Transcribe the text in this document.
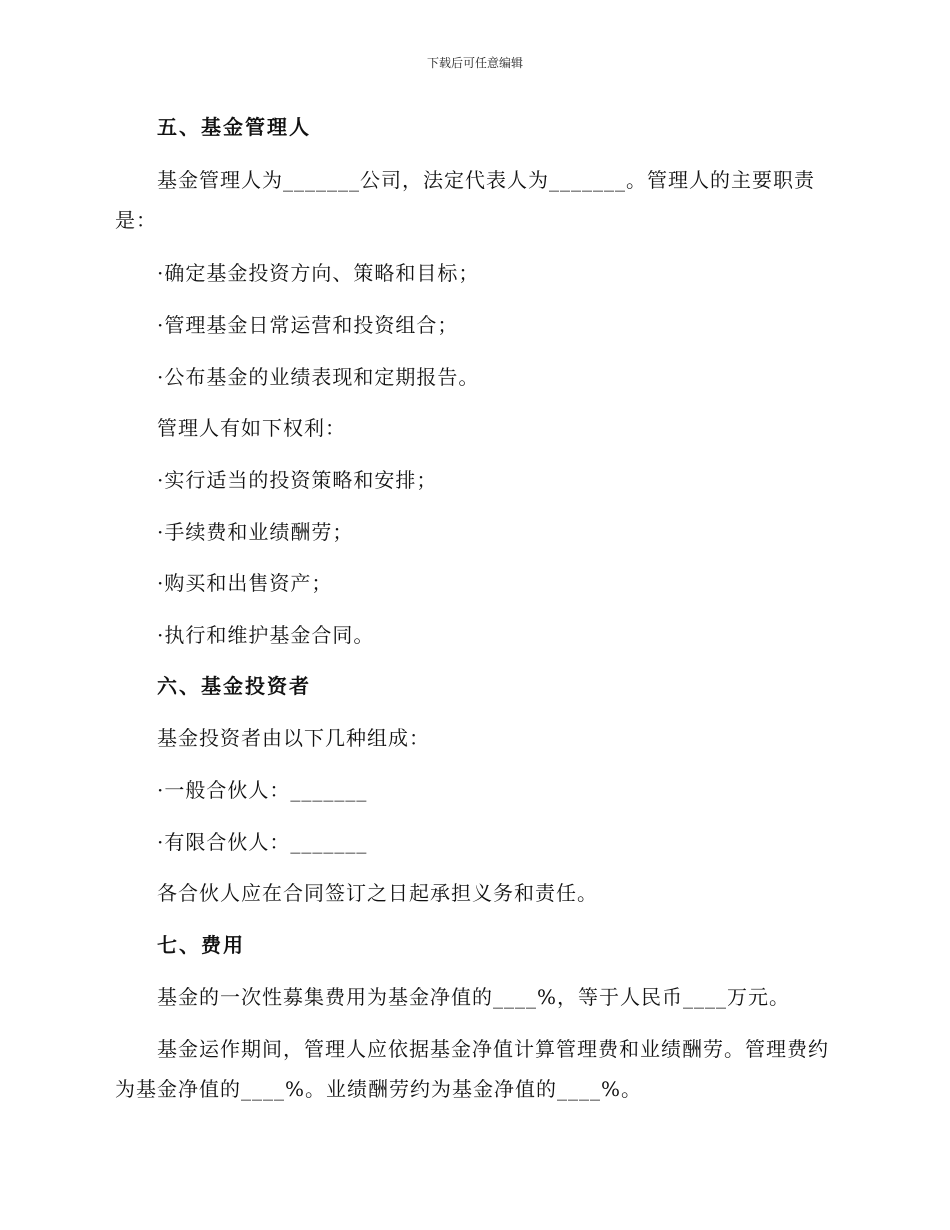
下载后可任意编辑
五、基金管理人
基金管理人为_______公司，法定代表人为_______。管理人的主要职责是：
·确定基金投资方向、策略和目标；
·管理基金日常运营和投资组合；
·公布基金的业绩表现和定期报告。
管理人有如下权利：
·实行适当的投资策略和安排；
·手续费和业绩酬劳；
·购买和出售资产；
·执行和维护基金合同。
六、基金投资者
基金投资者由以下几种组成：
·一般合伙人：_______
·有限合伙人：_______
各合伙人应在合同签订之日起承担义务和责任。
七、费用
基金的一次性募集费用为基金净值的____%，等于人民币____万元。
基金运作期间，管理人应依据基金净值计算管理费和业绩酬劳。管理费约为基金净值的____%。业绩酬劳约为基金净值的____%。
